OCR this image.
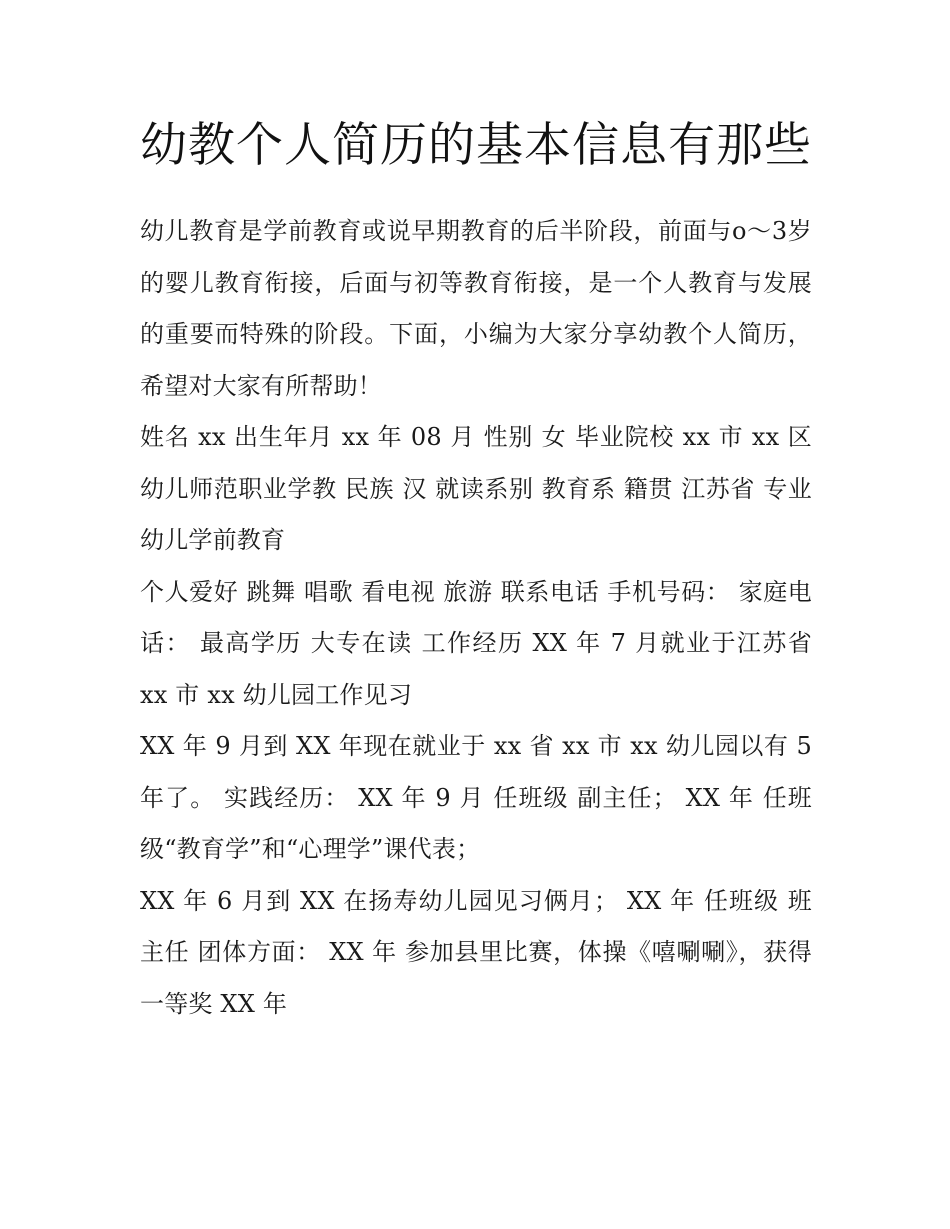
幼教个人简历的基本信息有那些

幼儿教育是学前教育或说早期教育的后半阶段，前面与o～3岁的婴儿教育衔接，后面与初等教育衔接，是一个人教育与发展的重要而特殊的阶段。下面，小编为大家分享幼教个人简历，希望对大家有所帮助！

姓名 xx 出生年月 xx 年 08 月 性别 女 毕业院校 xx 市 xx 区幼儿师范职业学教 民族 汉 就读系别 教育系 籍贯 江苏省 专业 幼儿学前教育

个人爱好 跳舞 唱歌 看电视 旅游 联系电话 手机号码： 家庭电话： 最高学历 大专在读 工作经历 XX 年 7 月就业于江苏省 xx 市 xx 幼儿园工作见习

XX 年 9 月到 XX 年现在就业于 xx 省 xx 市 xx 幼儿园以有 5 年了。 实践经历： XX 年 9 月 任班级 副主任； XX 年 任班级“教育学”和“心理学”课代表；

XX 年 6 月到 XX 在扬寿幼儿园见习俩月； XX 年 任班级 班主任 团体方面： XX 年 参加县里比赛，体操《嘻唰唰》，获得一等奖 XX 年
